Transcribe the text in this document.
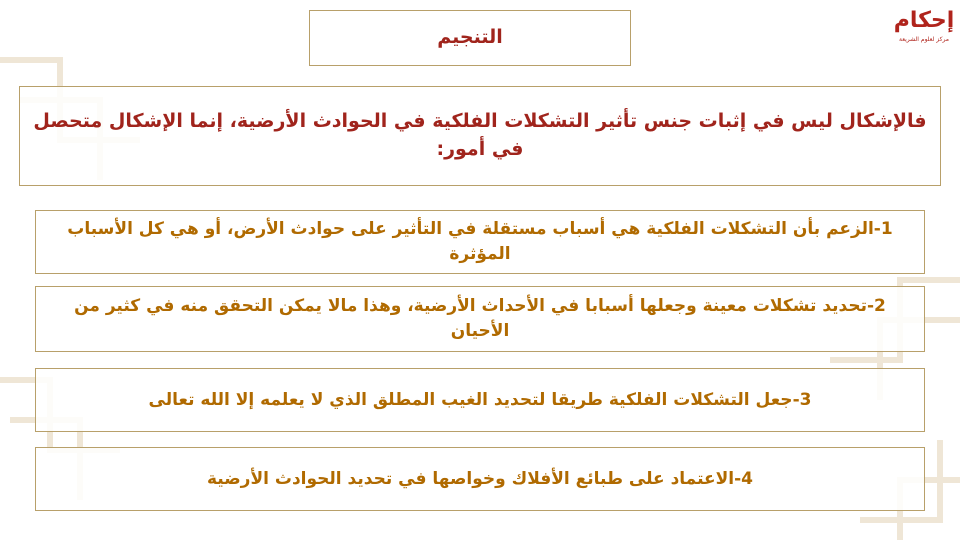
إحكام
مركز لعلوم الشريعة
التنجيم
فالإشكال ليس في إثبات جنس تأثير التشكلات الفلكية في الحوادث الأرضية، إنما الإشكال متحصل في أمور:
1-الزعم بأن التشكلات الفلكية هي أسباب مستقلة في التأثير على حوادث الأرض، أو هي كل الأسباب المؤثرة
2-تحديد تشكلات معينة وجعلها أسبابا في الأحداث الأرضية، وهذا مالا يمكن التحقق منه في كثير من الأحيان
3-جعل التشكلات الفلكية طريقا لتحديد الغيب المطلق الذي لا يعلمه إلا الله تعالى
4-الاعتماد على طبائع الأفلاك وخواصها في تحديد الحوادث الأرضية
